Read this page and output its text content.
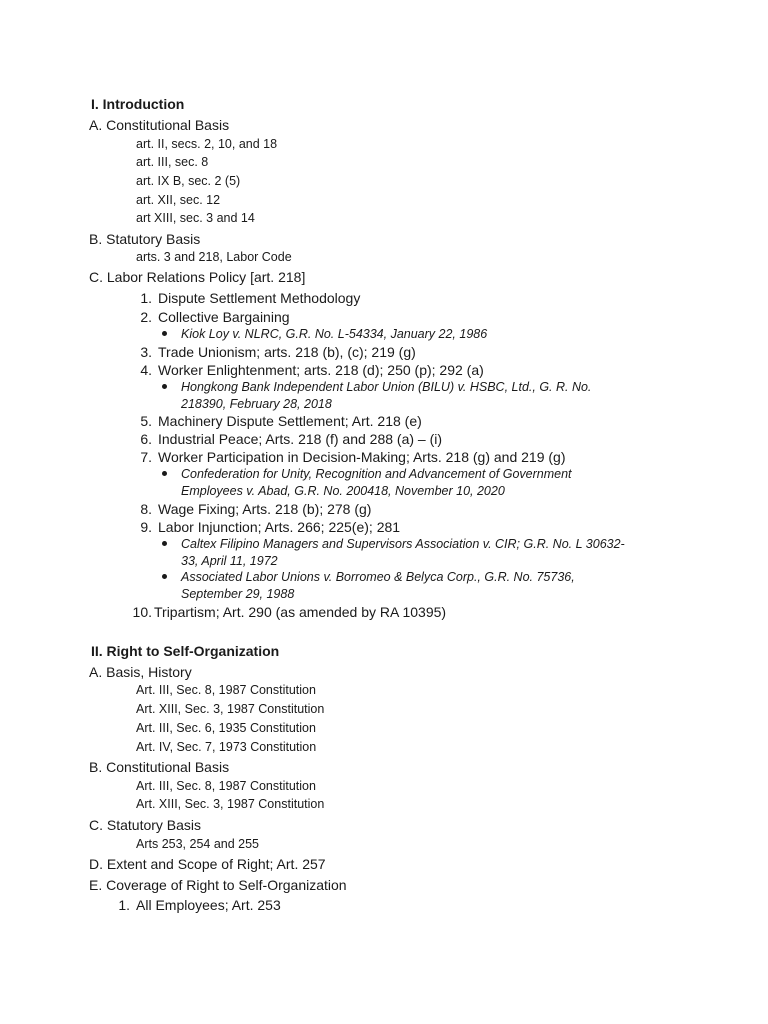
I. Introduction
A. Constitutional Basis
art. II, secs. 2, 10, and 18
art. III, sec. 8
art. IX B, sec. 2 (5)
art. XII, sec. 12
art XIII, sec. 3 and 14
B. Statutory Basis
arts. 3 and 218, Labor Code
C. Labor Relations Policy [art. 218]
1. Dispute Settlement Methodology
2. Collective Bargaining
Kiok Loy v. NLRC, G.R. No. L-54334, January 22, 1986
3. Trade Unionism; arts. 218 (b), (c); 219 (g)
4. Worker Enlightenment; arts. 218 (d); 250 (p); 292 (a)
Hongkong Bank Independent Labor Union (BILU) v. HSBC, Ltd., G. R. No.
218390, February 28, 2018
5. Machinery Dispute Settlement; Art. 218 (e)
6. Industrial Peace; Arts. 218 (f) and 288 (a) – (i)
7. Worker Participation in Decision-Making; Arts. 218 (g) and 219 (g)
Confederation for Unity, Recognition and Advancement of Government
Employees v. Abad, G.R. No. 200418, November 10, 2020
8. Wage Fixing; Arts. 218 (b); 278 (g)
9. Labor Injunction; Arts. 266; 225(e); 281
Caltex Filipino Managers and Supervisors Association v. CIR; G.R. No. L 30632-
33, April 11, 1972
Associated Labor Unions v. Borromeo & Belyca Corp., G.R. No. 75736,
September 29, 1988
10. Tripartism; Art. 290 (as amended by RA 10395)
II. Right to Self-Organization
A. Basis, History
Art. III, Sec. 8, 1987 Constitution
Art. XIII, Sec. 3, 1987 Constitution
Art. III, Sec. 6, 1935 Constitution
Art. IV, Sec. 7, 1973 Constitution
B. Constitutional Basis
Art. III, Sec. 8, 1987 Constitution
Art. XIII, Sec. 3, 1987 Constitution
C. Statutory Basis
Arts 253, 254 and 255
D. Extent and Scope of Right; Art. 257
E. Coverage of Right to Self-Organization
1. All Employees; Art. 253
